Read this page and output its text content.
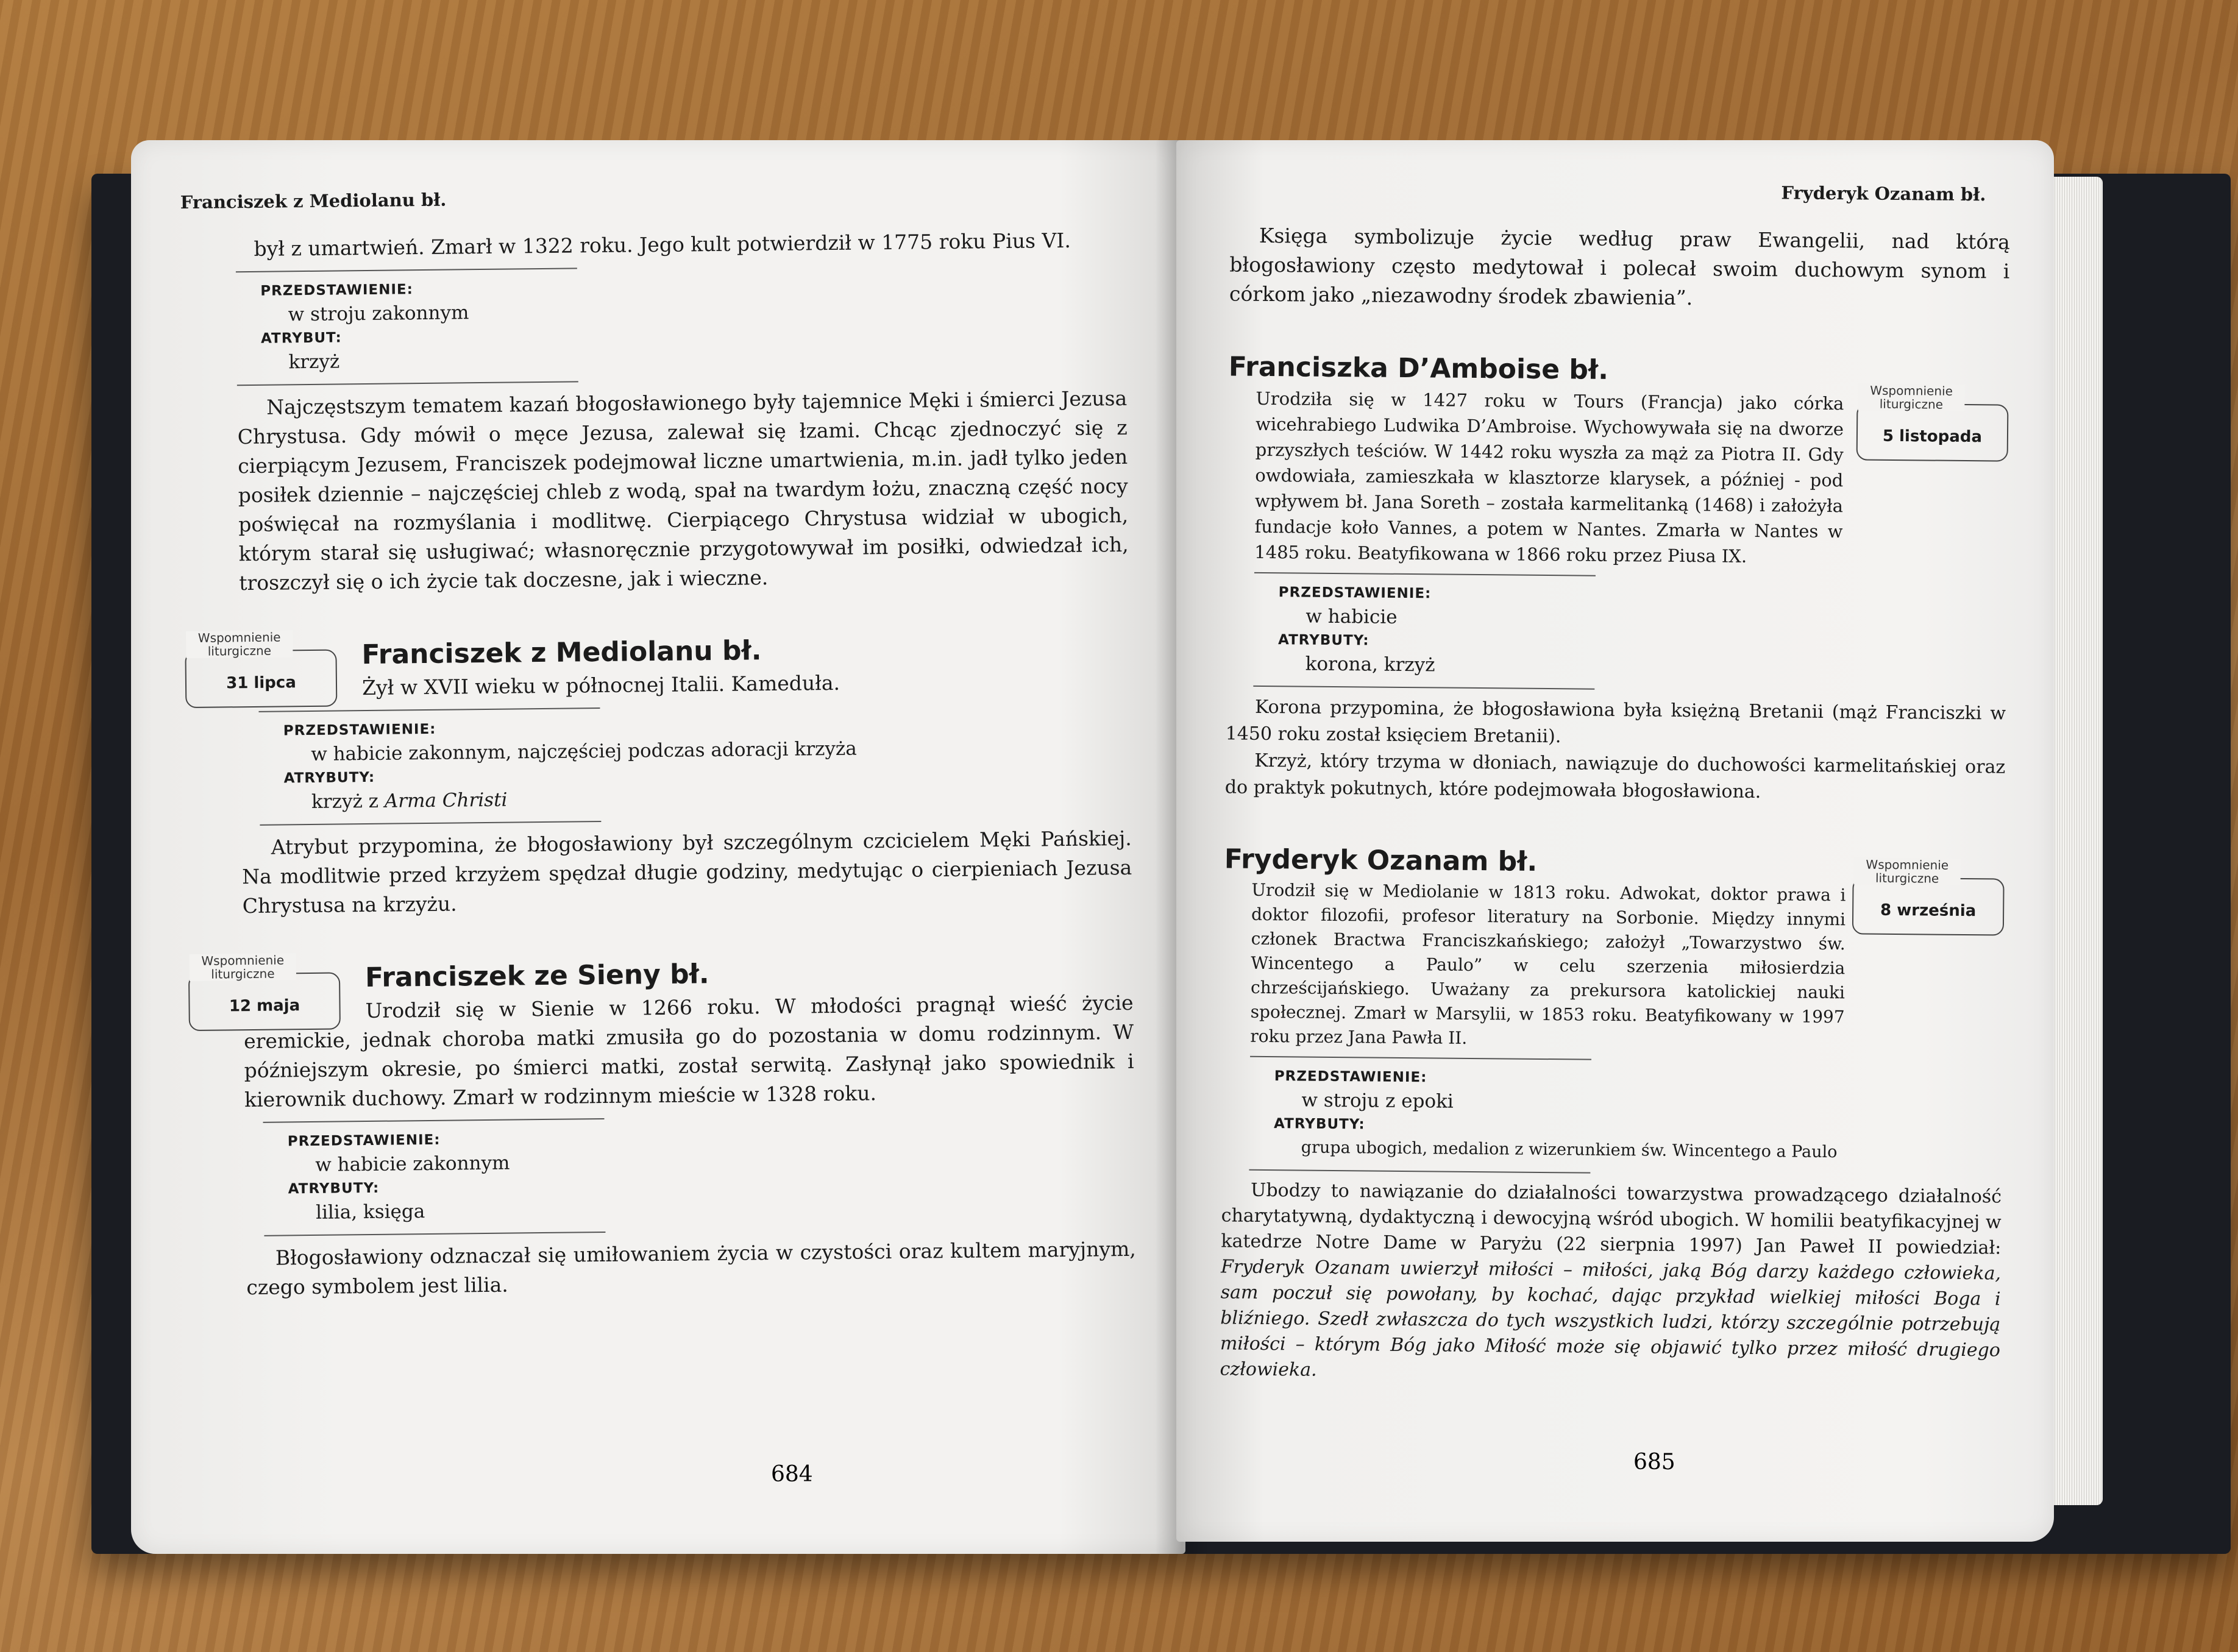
Franciszek z Mediolanu bł.

był z umartwień. Zmarł w 1322 roku. Jego kult potwierdził w 1775 roku Pius VI.

PRZEDSTAWIENIE:
w stroju zakonnym
ATRYBUT:
krzyż

Najczęstszym tematem kazań błogosławionego były tajemnice Męki i śmierci Jezusa Chrystusa. Gdy mówił o męce Jezusa, zalewał się łzami. Chcąc zjednoczyć się z cierpiącym Jezusem, Franciszek podejmował liczne umartwienia, m.in. jadł tylko jeden posiłek dziennie – najczęściej chleb z wodą, spał na twardym łożu, znaczną część nocy poświęcał na rozmyślania i modlitwę. Cierpiącego Chrystusa widział w ubogich, którym starał się usługiwać; własnoręcznie przygotowywał im posiłki, odwiedzał ich, troszczył się o ich życie tak doczesne, jak i wieczne.

Wspomnienie liturgiczne
31 lipca
Franciszek z Mediolanu bł.

Żył w XVII wieku w północnej Italii. Kameduła.

PRZEDSTAWIENIE:
w habicie zakonnym, najczęściej podczas adoracji krzyża
ATRYBUTY:
krzyż z Arma Christi

Atrybut przypomina, że błogosławiony był szczególnym czcicielem Męki Pańskiej. Na modlitwie przed krzyżem spędzał długie godziny, medytując o cierpieniach Jezusa Chrystusa na krzyżu.

Wspomnienie liturgiczne
12 maja
Franciszek ze Sieny bł.

Urodził się w Sienie w 1266 roku. W młodości pragnął wieść życie eremickie, jednak choroba matki zmusiła go do pozostania w domu rodzinnym. W późniejszym okresie, po śmierci matki, został serwitą. Zasłynął jako spowiednik i kierownik duchowy. Zmarł w rodzinnym mieście w 1328 roku.

PRZEDSTAWIENIE:
w habicie zakonnym
ATRYBUTY:
lilia, księga

Błogosławiony odznaczał się umiłowaniem życia w czystości oraz kultem maryjnym, czego symbolem jest lilia.

684
Fryderyk Ozanam bł.

Księga symbolizuje życie według praw Ewangelii, nad którą błogosławiony często medytował i polecał swoim duchowym synom i córkom jako „niezawodny środek zbawienia”.

Wspomnienie liturgiczne
5 listopada
Franciszka D’Amboise bł.

Urodziła się w 1427 roku w Tours (Francja) jako córka wicehrabiego Ludwika D’Ambroise. Wychowywała się na dworze przyszłych teściów. W 1442 roku wyszła za mąż za Piotra II. Gdy owdowiała, zamieszkała w klasztorze klarysek, a później - pod wpływem bł. Jana Soreth – została karmelitanką (1468) i założyła fundacje koło Vannes, a potem w Nantes. Zmarła w Nantes w 1485 roku. Beatyfikowana w 1866 roku przez Piusa IX.

PRZEDSTAWIENIE:
w habicie
ATRYBUTY:
korona, krzyż

Korona przypomina, że błogosławiona była księżną Bretanii (mąż Franciszki w 1450 roku został księciem Bretanii).

Krzyż, który trzyma w dłoniach, nawiązuje do duchowości karmelitańskiej oraz do praktyk pokutnych, które podejmowała błogosławiona.

Wspomnienie liturgiczne
8 września
Fryderyk Ozanam bł.

Urodził się w Mediolanie w 1813 roku. Adwokat, doktor prawa i doktor filozofii, profesor literatury na Sorbonie. Między innymi członek Bractwa Franciszkańskiego; założył „Towarzystwo św. Wincentego a Paulo” w celu szerzenia miłosierdzia chrześcijańskiego. Uważany za prekursora katolickiej nauki społecznej. Zmarł w Marsylii, w 1853 roku. Beatyfikowany w 1997 roku przez Jana Pawła II.

PRZEDSTAWIENIE:
w stroju z epoki
ATRYBUTY:
grupa ubogich, medalion z wizerunkiem św. Wincentego a Paulo

Ubodzy to nawiązanie do działalności towarzystwa prowadzącego działalność charytatywną, dydaktyczną i dewocyjną wśród ubogich. W homilii beatyfikacyjnej w katedrze Notre Dame w Paryżu (22 sierpnia 1997) Jan Paweł II powiedział: Fryderyk Ozanam uwierzył miłości – miłości, jaką Bóg darzy każdego człowieka, sam poczuł się powołany, by kochać, dając przykład wielkiej miłości Boga i bliźniego. Szedł zwłaszcza do tych wszystkich ludzi, którzy szczególnie potrzebują miłości – którym Bóg jako Miłość może się objawić tylko przez miłość drugiego człowieka.

685
